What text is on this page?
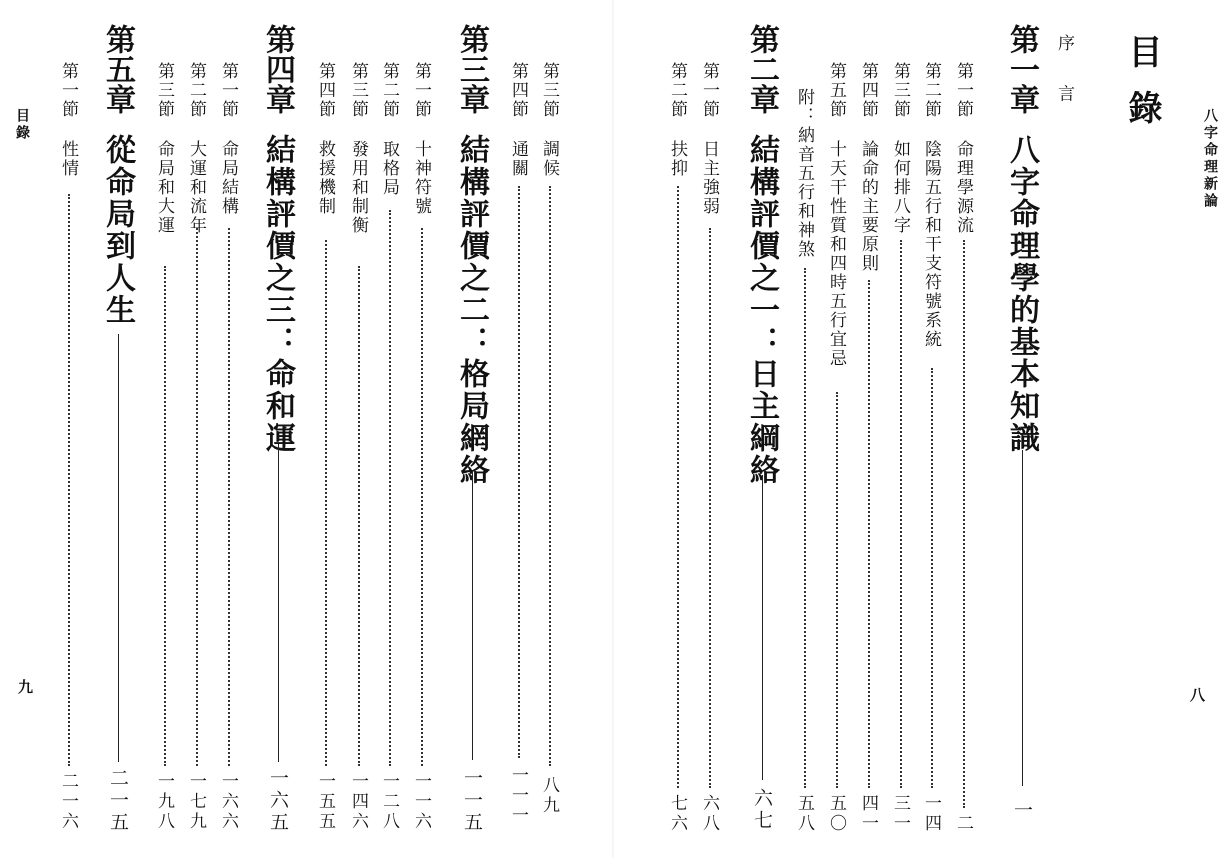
八字命理新論
八
目錄
序 言
第一章
八字命理學的基本知識
一
第一節
命理學源流
二
第二節
陰陽五行和干支符號系統
一四
第三節
如何排八字
三一
第四節
論命的主要原則
四一
第五節
十天干性質和四時五行宜忌
五〇
附：納音五行和神煞
五八
第二章
結構評價之一：日主綱絡
六七
第一節
日主強弱
六八
第二節
扶抑
七六
目錄
九
第三節
調候
八九
第四節
通關
一一一
第三章
結構評價之二：格局網絡
一一五
第一節
十神符號
一一六
第二節
取格局
一二八
第三節
發用和制衡
一四六
第四節
救援機制
一五五
第四章
結構評價之三：命和運
一六五
第一節
命局結構
一六六
第二節
大運和流年
一七九
第三節
命局和大運
一九八
第五章
從命局到人生
二一五
第一節
性情
二一六
